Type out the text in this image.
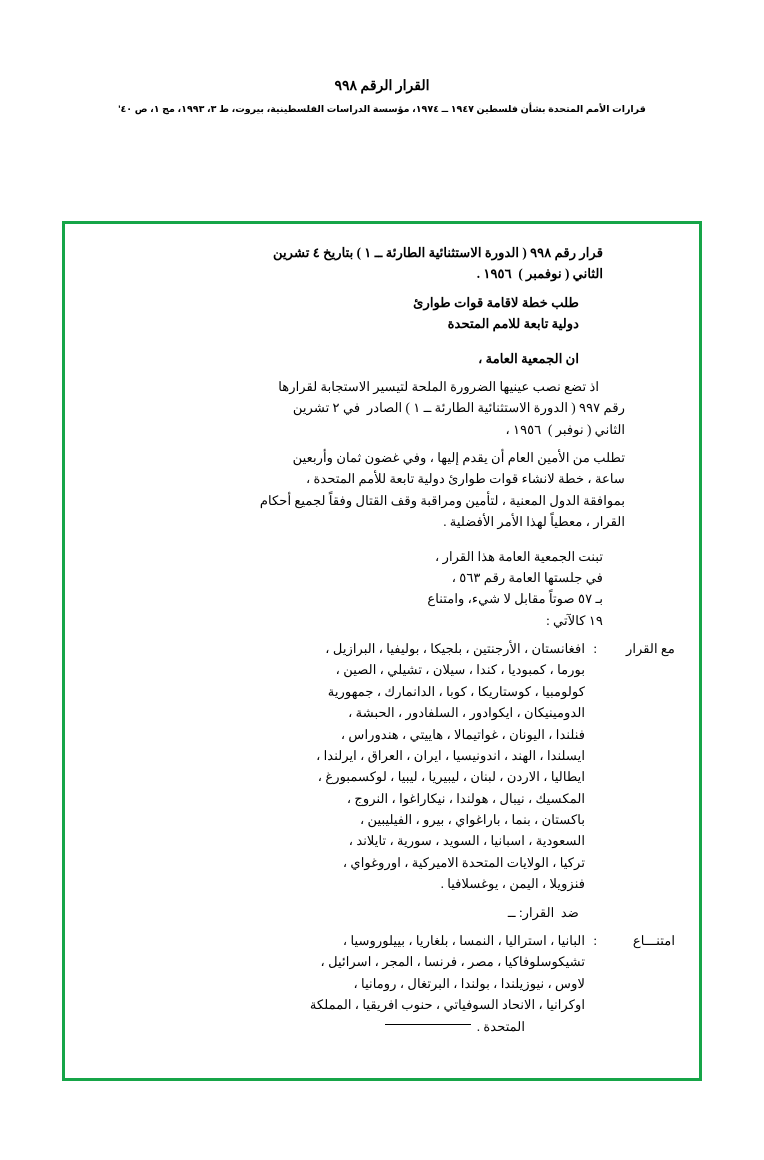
القرار الرقم ٩٩٨
قرارات الأمم المتحدة بشأن فلسطين ١٩٤٧ ــ ١٩٧٤، مؤسسة الدراسات الفلسطينية، بيروت، ط ٣، ١٩٩٣، مج ١، ص ٤٠'
قرار رقم ٩٩٨ ( الدورة الاستثنائية الطارئة ــ ١ ) بتاريخ ٤ تشرين
الثاني ( نوفمبر )  ١٩٥٦ .
طلب خطة لاقامة قوات طوارئ
دولية تابعة للامم المتحدة
ان الجمعية العامة ،
اذ تضع نصب عينيها الضرورة الملحة لتيسير الاستجابة لقرارها
رقم ٩٩٧ ( الدورة الاستثنائية الطارئة ــ ١ ) الصادر  في ٢ تشرين
الثاني ( نوفبر )  ١٩٥٦ ،
تطلب من الأمين العام أن يقدم إليها ، وفي غضون ثمان وأربعين
ساعة ، خطة لانشاء قوات طوارئ دولية تابعة للأمم المتحدة ،
بموافقة الدول المعنية ، لتأمين ومراقبة وقف القتال وفقاً لجميع أحكام
القرار ، معطياً لهذا الأمر الأفضلية .
تبنت الجمعية العامة هذا القرار ،
في جلستها العامة رقم ٥٦٣ ،
بـ ٥٧ صوتاً مقابل لا شيء، وامتناع
١٩ كالآتي :
مع القرار	:	
افغانستان ، الأرجنتين ، بلجيكا ، بوليفيا ، البرازيل ،
بورما ، كمبوديا ، كندا ، سيلان ، تشيلي ، الصين ،
كولومبيا ، كوستاريكا ، كوبا ، الدانمارك ، جمهورية
الدومينيكان ، ايكوادور ، السلفادور ، الحبشة ،
فنلندا ، اليونان ، غواتيمالا ، هاييتي ، هندوراس ،
ايسلندا ، الهند ، اندونيسيا ، ايران ، العراق ، ايرلندا ،
ايطاليا ، الاردن ، لبنان ، ليبيريا ، ليبيا ، لوكسمبورغ ،
المكسيك ، نيبال ، هولندا ، نيكاراغوا ، النروج ،
باكستان ، بنما ، باراغواي ، بيرو ، الفيليبين ،
السعودية ، اسبانيا ، السويد ، سورية ، تايلاند ،
تركيا ، الولايات المتحدة الاميركية ، اوروغواي ،
فنزويلا ، اليمن ، يوغسلافيا .
ضد  القرار: ــ
امتنـــاع	:	
البانيا ، استراليا ، النمسا ، بلغاريا ، بييلوروسيا ،
تشيكوسلوفاكيا ، مصر ، فرنسا ، المجر ، اسرائيل ،
لاوس ، نيوزيلندا ، بولندا ، البرتغال ، رومانيا ،
اوكرانيا ، الانحاد السوفياتي ، حنوب افريقيا ، المملكة
المتحدة .
